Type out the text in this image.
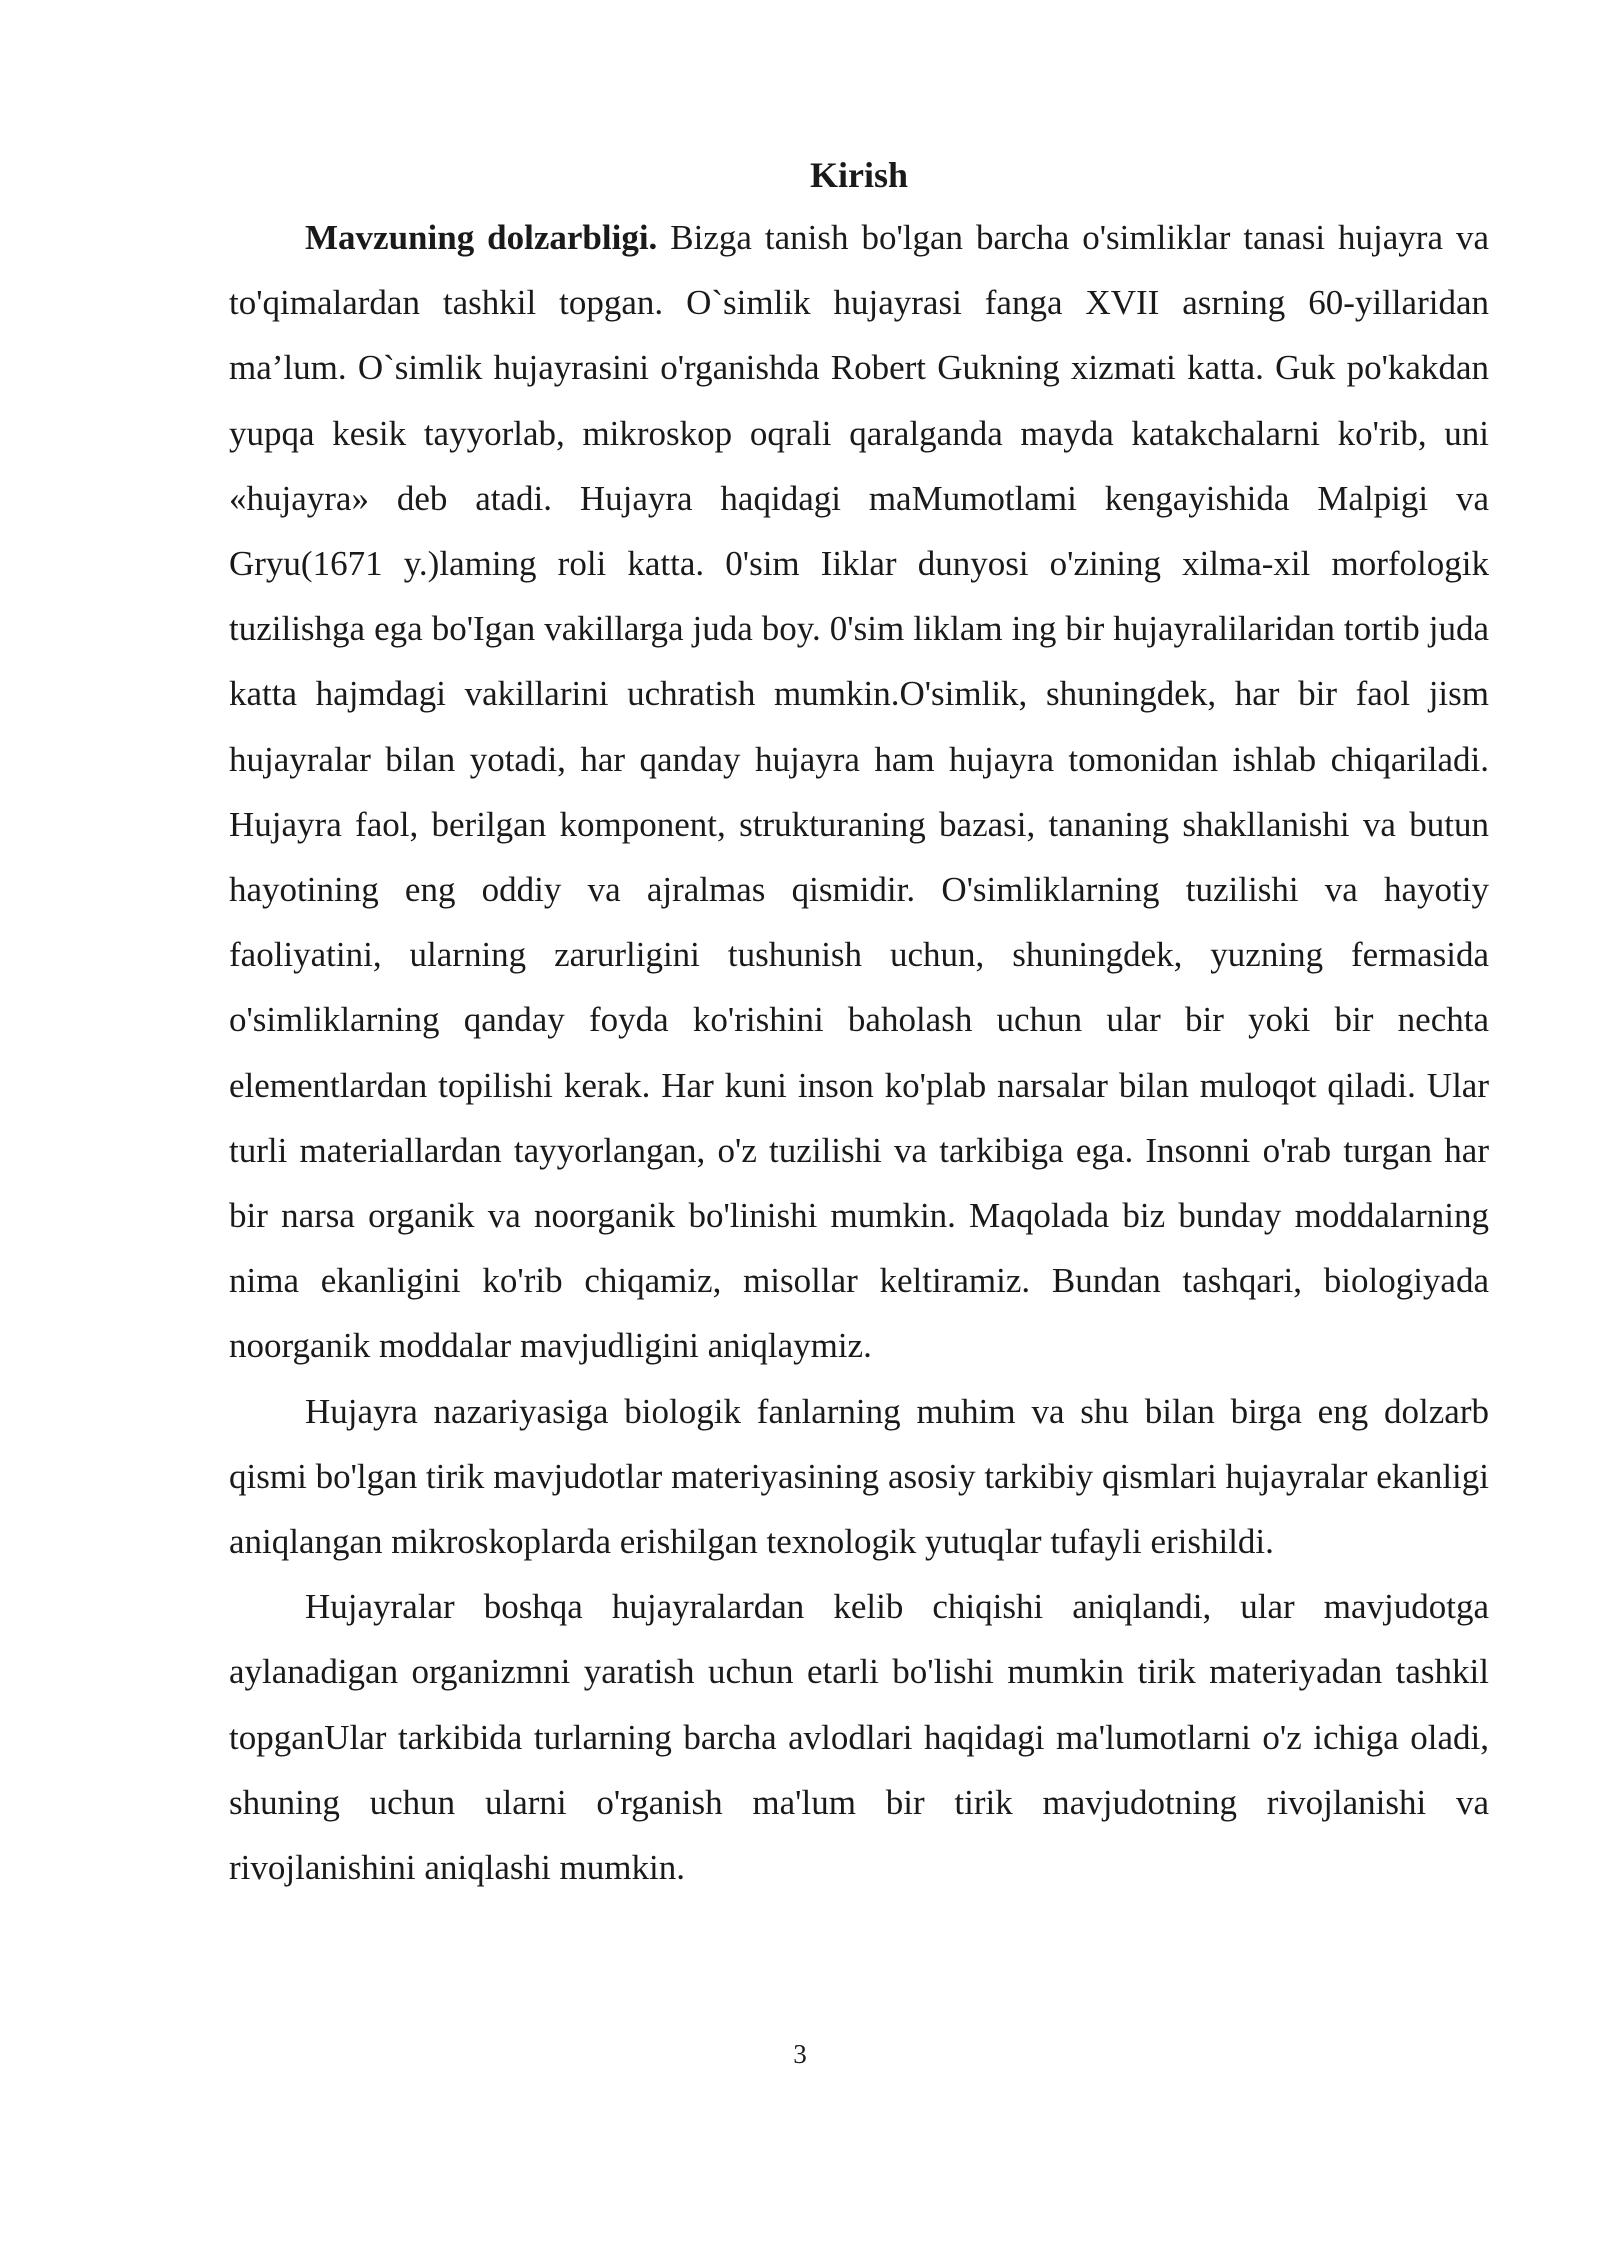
Kirish

Mavzuning dolzarbligi. Bizga tanish bo'lgan barcha o'simliklar tanasi hujayra va to'qimalardan tashkil topgan. O`simlik hujayrasi fanga XVII asrning 60-yillaridan ma’lum. O`simlik hujayrasini o'rganishda Robert Gukning xizmati katta. Guk po'kakdan yupqa kesik tayyorlab, mikroskop oqrali qaralganda mayda katakchalarni ko'rib, uni «hujayra» deb atadi. Hujayra haqidagi maMumotlami kengayishida Malpigi va Gryu(1671 y.)laming roli katta. 0'sim Iiklar dunyosi o'zining xilma-xil morfologik tuzilishga ega bo'Igan vakillarga juda boy. 0'sim liklam ing bir hujayralilaridan tortib juda katta hajmdagi vakillarini uchratish mumkin.O'simlik, shuningdek, har bir faol jism hujayralar bilan yotadi, har qanday hujayra ham hujayra tomonidan ishlab chiqariladi. Hujayra faol, berilgan komponent, strukturaning bazasi, tananing shakllanishi va butun hayotining eng oddiy va ajralmas qismidir. O'simliklarning tuzilishi va hayotiy faoliyatini, ularning zarurligini tushunish uchun, shuningdek, yuzning fermasida o'simliklarning qanday foyda ko'rishini baholash uchun ular bir yoki bir nechta elementlardan topilishi kerak. Har kuni inson ko'plab narsalar bilan muloqot qiladi. Ular turli materiallardan tayyorlangan, o'z tuzilishi va tarkibiga ega. Insonni o'rab turgan har bir narsa organik va noorganik bo'linishi mumkin. Maqolada biz bunday moddalarning nima ekanligini ko'rib chiqamiz, misollar keltiramiz. Bundan tashqari, biologiyada noorganik moddalar mavjudligini aniqlaymiz.

Hujayra nazariyasiga biologik fanlarning muhim va shu bilan birga eng dolzarb qismi bo'lgan tirik mavjudotlar materiyasining asosiy tarkibiy qismlari hujayralar ekanligi aniqlangan mikroskoplarda erishilgan texnologik yutuqlar tufayli erishildi.

Hujayralar boshqa hujayralardan kelib chiqishi aniqlandi, ular mavjudotga aylanadigan organizmni yaratish uchun etarli bo'lishi mumkin tirik materiyadan tashkil topganUlar tarkibida turlarning barcha avlodlari haqidagi ma'lumotlarni o'z ichiga oladi, shuning uchun ularni o'rganish ma'lum bir tirik mavjudotning rivojlanishi va rivojlanishini aniqlashi mumkin.

3
